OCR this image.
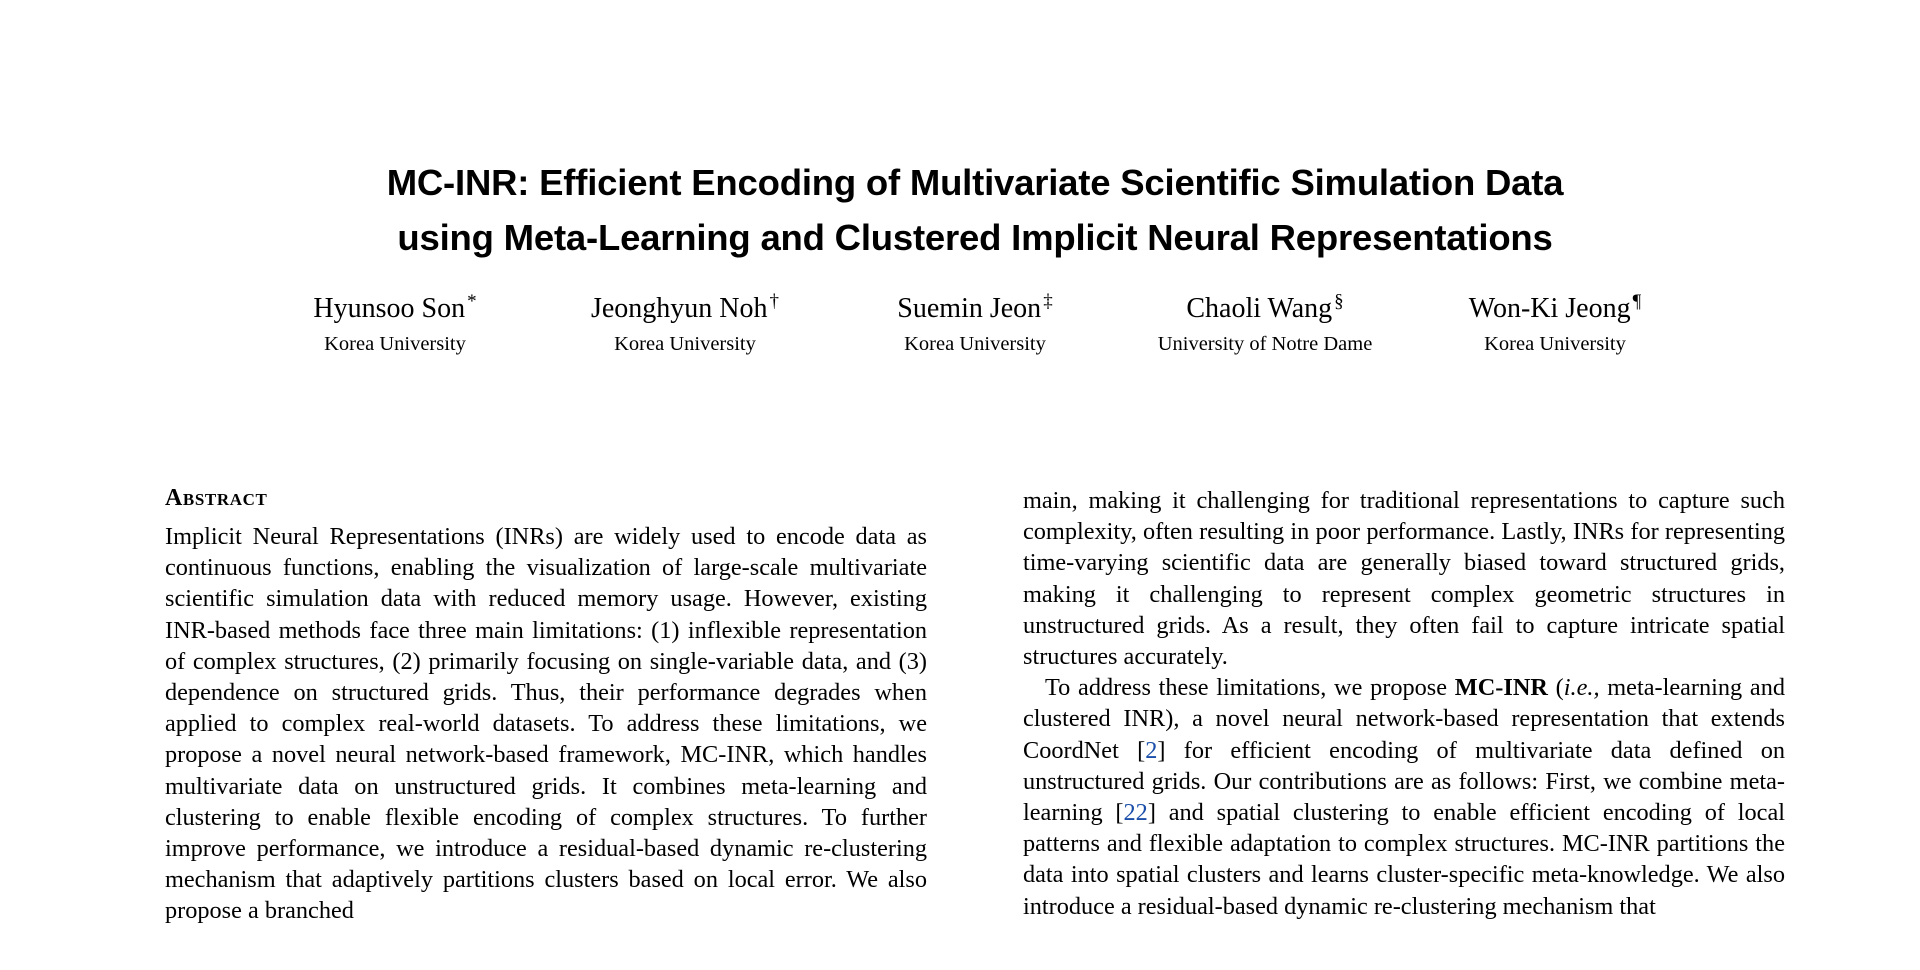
MC-INR: Efficient Encoding of Multivariate Scientific Simulation Data
using Meta-Learning and Clustered Implicit Neural Representations
Hyunsoo Son *
Korea University
Jeonghyun Noh †
Korea University
Suemin Jeon ‡
Korea University
Chaoli Wang §
University of Notre Dame
Won-Ki Jeong ¶
Korea University
Abstract

Implicit Neural Representations (INRs) are widely used to encode data as continuous functions, enabling the visualization of large-scale multivariate scientific simulation data with reduced memory usage. However, existing INR-based methods face three main limitations: (1) inflexible representation of complex structures, (2) primarily focusing on single-variable data, and (3) dependence on structured grids. Thus, their performance degrades when applied to complex real-world datasets. To address these limitations, we propose a novel neural network-based framework, MC-INR, which handles multivariate data on unstructured grids. It combines meta-learning and clustering to enable flexible encoding of complex structures. To further improve performance, we introduce a residual-based dynamic re-clustering mechanism that adaptively partitions clusters based on local error. We also propose a branched

main, making it challenging for traditional representations to capture such complexity, often resulting in poor performance. Lastly, INRs for representing time-varying scientific data are generally biased toward structured grids, making it challenging to represent complex geometric structures in unstructured grids. As a result, they often fail to capture intricate spatial structures accurately.

To address these limitations, we propose MC-INR (i.e., meta-learning and clustered INR), a novel neural network-based representation that extends CoordNet [2] for efficient encoding of multivariate data defined on unstructured grids. Our contributions are as follows: First, we combine meta-learning [22] and spatial clustering to enable efficient encoding of local patterns and flexible adaptation to complex structures. MC-INR partitions the data into spatial clusters and learns cluster-specific meta-knowledge. We also introduce a residual-based dynamic re-clustering mechanism that
